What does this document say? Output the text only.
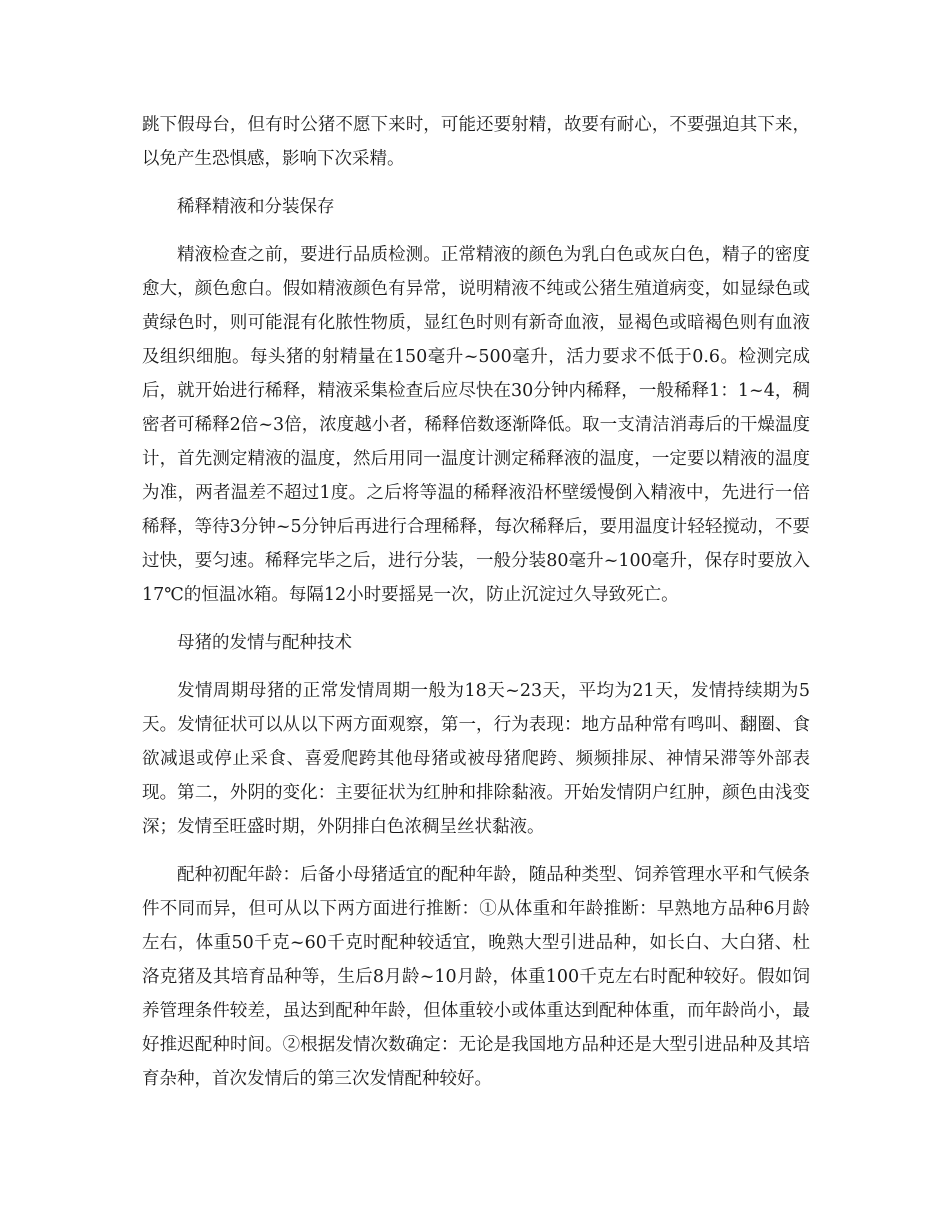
跳下假母台，但有时公猪不愿下来时，可能还要射精，故要有耐心，不要强迫其下来，以免产生恐惧感，影响下次采精。

稀释精液和分装保存

精液检查之前，要进行品质检测。正常精液的颜色为乳白色或灰白色，精子的密度愈大，颜色愈白。假如精液颜色有异常，说明精液不纯或公猪生殖道病变，如显绿色或黄绿色时，则可能混有化脓性物质，显红色时则有新奇血液，显褐色或暗褐色则有血液及组织细胞。每头猪的射精量在150毫升~500毫升，活力要求不低于0.6。检测完成后，就开始进行稀释，精液采集检查后应尽快在30分钟内稀释，一般稀释1：1~4，稠密者可稀释2倍~3倍，浓度越小者，稀释倍数逐渐降低。取一支清洁消毒后的干燥温度计，首先测定精液的温度，然后用同一温度计测定稀释液的温度，一定要以精液的温度为准，两者温差不超过1度。之后将等温的稀释液沿杯壁缓慢倒入精液中，先进行一倍稀释，等待3分钟~5分钟后再进行合理稀释，每次稀释后，要用温度计轻轻搅动，不要过快，要匀速。稀释完毕之后，进行分装，一般分装80毫升~100毫升，保存时要放入17℃的恒温冰箱。每隔12小时要摇晃一次，防止沉淀过久导致死亡。

母猪的发情与配种技术

发情周期母猪的正常发情周期一般为18天~23天，平均为21天，发情持续期为5天。发情征状可以从以下两方面观察，第一，行为表现：地方品种常有鸣叫、翻圈、食欲减退或停止采食、喜爱爬跨其他母猪或被母猪爬跨、频频排尿、神情呆滞等外部表现。第二，外阴的变化：主要征状为红肿和排除黏液。开始发情阴户红肿，颜色由浅变深；发情至旺盛时期，外阴排白色浓稠呈丝状黏液。

配种初配年龄：后备小母猪适宜的配种年龄，随品种类型、饲养管理水平和气候条件不同而异，但可从以下两方面进行推断：①从体重和年龄推断：早熟地方品种6月龄左右，体重50千克~60千克时配种较适宜，晚熟大型引进品种，如长白、大白猪、杜洛克猪及其培育品种等，生后8月龄~10月龄，体重100千克左右时配种较好。假如饲养管理条件较差，虽达到配种年龄，但体重较小或体重达到配种体重，而年龄尚小，最好推迟配种时间。②根据发情次数确定：无论是我国地方品种还是大型引进品种及其培育杂种，首次发情后的第三次发情配种较好。
